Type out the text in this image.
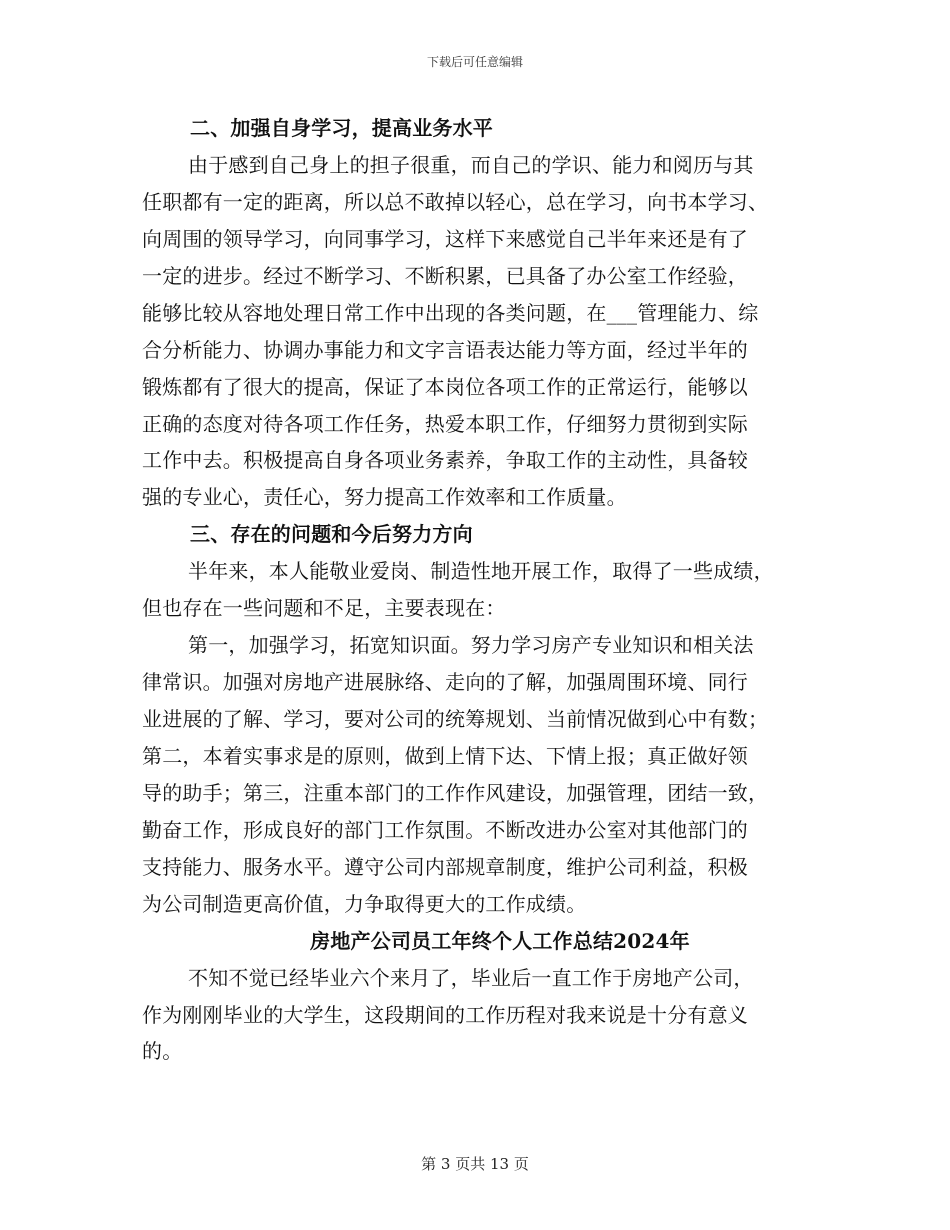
下载后可任意编辑
二、加强自身学习，提高业务水平
由于感到自己身上的担子很重，而自己的学识、能力和阅历与其
任职都有一定的距离，所以总不敢掉以轻心，总在学习，向书本学习、
向周围的领导学习，向同事学习，这样下来感觉自己半年来还是有了
一定的进步。经过不断学习、不断积累，已具备了办公室工作经验，
能够比较从容地处理日常工作中出现的各类问题，在___管理能力、综
合分析能力、协调办事能力和文字言语表达能力等方面，经过半年的
锻炼都有了很大的提高，保证了本岗位各项工作的正常运行，能够以
正确的态度对待各项工作任务，热爱本职工作，仔细努力贯彻到实际
工作中去。积极提高自身各项业务素养，争取工作的主动性，具备较
强的专业心，责任心，努力提高工作效率和工作质量。
三、存在的问题和今后努力方向
半年来，本人能敬业爱岗、制造性地开展工作，取得了一些成绩，
但也存在一些问题和不足，主要表现在：
第一，加强学习，拓宽知识面。努力学习房产专业知识和相关法
律常识。加强对房地产进展脉络、走向的了解，加强周围环境、同行
业进展的了解、学习，要对公司的统筹规划、当前情况做到心中有数；
第二，本着实事求是的原则，做到上情下达、下情上报；真正做好领
导的助手；第三，注重本部门的工作作风建设，加强管理，团结一致，
勤奋工作，形成良好的部门工作氛围。不断改进办公室对其他部门的
支持能力、服务水平。遵守公司内部规章制度，维护公司利益，积极
为公司制造更高价值，力争取得更大的工作成绩。
房地产公司员工年终个人工作总结2024年
不知不觉已经毕业六个来月了，毕业后一直工作于房地产公司，
作为刚刚毕业的大学生，这段期间的工作历程对我来说是十分有意义
的。
第 3 页共 13 页
